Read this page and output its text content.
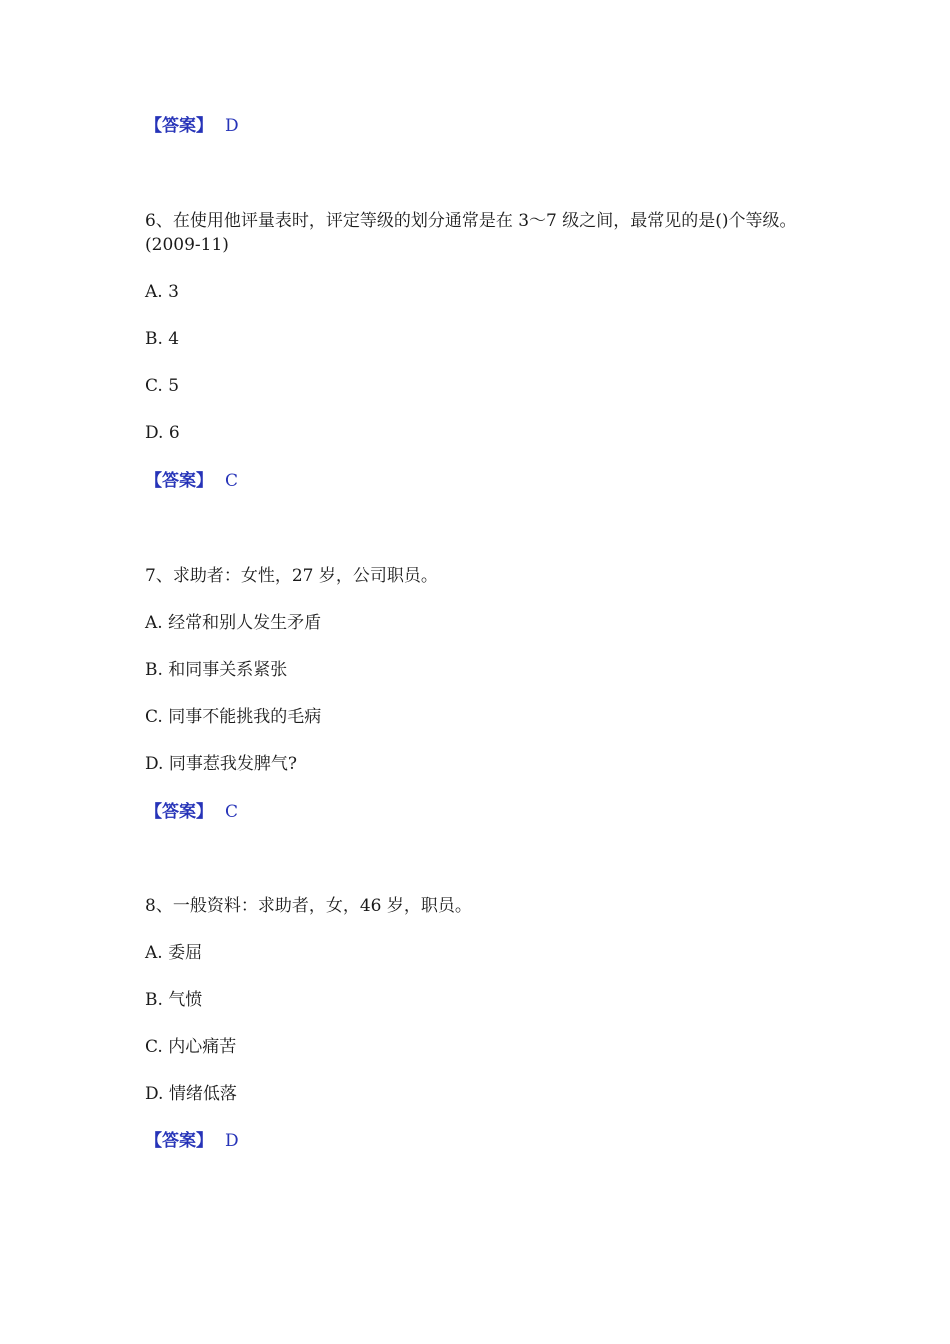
【答案】 D
6、在使用他评量表时，评定等级的划分通常是在 3～7 级之间，最常见的是()个等级。(2009-11)
A. 3
B. 4
C. 5
D. 6
【答案】 C
7、求助者：女性，27 岁，公司职员。
A. 经常和别人发生矛盾
B. 和同事关系紧张
C. 同事不能挑我的毛病
D. 同事惹我发脾气?
【答案】 C
8、一般资料：求助者，女，46 岁，职员。
A. 委屈
B. 气愤
C. 内心痛苦
D. 情绪低落
【答案】 D
